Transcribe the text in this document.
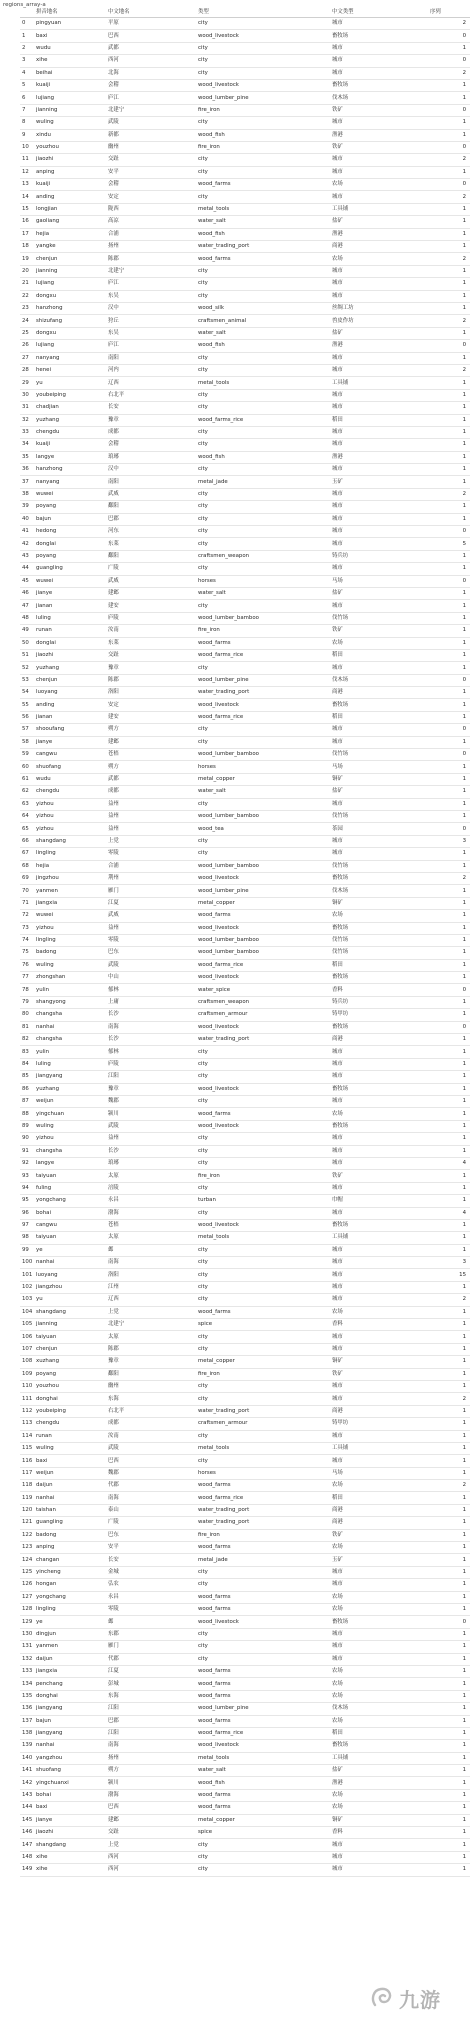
regions_array-a
	拼音地名	中文地名	类型	中文类型	序列
0	pingyuan	平原	city	城市	2
1	baxi	巴西	wood_livestock	畜牧场	0
2	wudu	武都	city	城市	1
3	xihe	西河	city	城市	0
4	beihai	北海	city	城市	2
5	kuaiji	会稽	wood_livestock	畜牧场	1
6	lujiang	庐江	wood_lumber_pine	伐木场	1
7	jianning	北建宁	fire_iron	铁矿	0
8	wuling	武陵	city	城市	1
9	xindu	新都	wood_fish	渔港	1
10	youzhou	幽州	fire_iron	铁矿	0
11	jiaozhi	交趾	city	城市	2
12	anping	安平	city	城市	1
13	kuaiji	会稽	wood_farms	农场	0
14	anding	安定	city	城市	2
15	longjian	陇西	metal_tools	工具铺	1
16	gaoliang	高凉	water_salt	盐矿	1
17	hejia	合浦	wood_fish	渔港	1
18	yangke	扬州	water_trading_port	商港	1
19	chenjun	陈郡	wood_farms	农场	2
20	jianning	北建宁	city	城市	1
21	lujiang	庐江	city	城市	1
22	dongxu	东吴	city	城市	1
23	hanzhong	汉中	wood_silk	丝绸工坊	1
24	shizufang	狩丘	craftsmen_animal	兽皮作坊	2
25	dongxu	东吴	water_salt	盐矿	1
26	lujiang	庐江	wood_fish	渔港	0
27	nanyang	南阳	city	城市	1
28	henei	河内	city	城市	2
29	yu	辽西	metal_tools	工具铺	1
30	youbeiping	右北平	city	城市	1
31	chadjian	长安	city	城市	1
32	yuzhang	豫章	wood_farms_rice	稻田	1
33	chengdu	成都	city	城市	1
34	kuaiji	会稽	city	城市	1
35	langye	琅琊	wood_fish	渔港	1
36	hanzhong	汉中	city	城市	1
37	nanyang	南阳	metal_jade	玉矿	1
38	wuwei	武威	city	城市	2
39	poyang	鄱阳	city	城市	1
40	bajun	巴郡	city	城市	1
41	hedong	河东	city	城市	0
42	donglai	东莱	city	城市	5
43	poyang	鄱阳	craftsmen_weapon	铸兵坊	1
44	guangling	广陵	city	城市	1
45	wuwei	武威	horses	马场	0
46	jianye	建邺	water_salt	盐矿	1
47	jianan	建安	city	城市	1
48	luling	庐陵	wood_lumber_bamboo	伐竹场	1
49	runan	汝南	fire_iron	铁矿	1
50	donglai	东莱	wood_farms	农场	1
51	jiaozhi	交趾	wood_farms_rice	稻田	1
52	yuzhang	豫章	city	城市	1
53	chenjun	陈郡	wood_lumber_pine	伐木场	0
54	luoyang	洛阳	water_trading_port	商港	1
55	anding	安定	wood_livestock	畜牧场	1
56	jianan	建安	wood_farms_rice	稻田	1
57	shooufang	朔方	city	城市	0
58	jianye	建邺	city	城市	1
59	cangwu	苍梧	wood_lumber_bamboo	伐竹场	0
60	shuofang	朔方	horses	马场	1
61	wudu	武都	metal_copper	铜矿	1
62	chengdu	成都	water_salt	盐矿	1
63	yizhou	益州	city	城市	1
64	yizhou	益州	wood_lumber_bamboo	伐竹场	1
65	yizhou	益州	wood_tea	茶园	0
66	shangdang	上党	city	城市	3
67	lingling	零陵	city	城市	1
68	hejia	合浦	wood_lumber_bamboo	伐竹场	1
69	jingzhou	荆州	wood_livestock	畜牧场	2
70	yanmen	雁门	wood_lumber_pine	伐木场	1
71	jiangxia	江夏	metal_copper	铜矿	1
72	wuwei	武威	wood_farms	农场	1
73	yizhou	益州	wood_livestock	畜牧场	1
74	lingling	零陵	wood_lumber_bamboo	伐竹场	1
75	badong	巴东	wood_lumber_bamboo	伐竹场	1
76	wuling	武陵	wood_farms_rice	稻田	1
77	zhongshan	中山	wood_livestock	畜牧场	1
78	yulin	郁林	water_spice	香料	0
79	shangyong	上庸	craftsmen_weapon	铸兵坊	1
80	changsha	长沙	craftsmen_armour	铸甲坊	1
81	nanhai	南海	wood_livestock	畜牧场	0
82	changsha	长沙	water_trading_port	商港	1
83	yulin	郁林	city	城市	1
84	luling	庐陵	city	城市	1
85	jiangyang	江阳	city	城市	1
86	yuzhang	豫章	wood_livestock	畜牧场	1
87	weijun	魏郡	city	城市	1
88	yingchuan	颍川	wood_farms	农场	1
89	wuling	武陵	wood_livestock	畜牧场	1
90	yizhou	益州	city	城市	1
91	changsha	长沙	city	城市	1
92	langye	琅琊	city	城市	4
93	taiyuan	太原	fire_iron	铁矿	1
94	fuling	涪陵	city	城市	1
95	yongchang	永昌	turban	巾帽	1
96	bohai	渤海	city	城市	4
97	cangwu	苍梧	wood_livestock	畜牧场	1
98	taiyuan	太原	metal_tools	工具铺	1
99	ye	邺	city	城市	1
100	nanhai	南海	city	城市	3
101	luoyang	洛阳	city	城市	15
102	jiangzhou	江州	city	城市	1
103	yu	辽西	city	城市	2
104	shangdang	上党	wood_farms	农场	1
105	jianning	北建宁	spice	香料	1
106	taiyuan	太原	city	城市	1
107	chenjun	陈郡	city	城市	1
108	xuzhang	豫章	metal_copper	铜矿	1
109	poyang	鄱阳	fire_iron	铁矿	1
110	youzhou	幽州	city	城市	1
111	donghai	东海	city	城市	2
112	youbeiping	右北平	water_trading_port	商港	1
113	chengdu	成都	craftsmen_armour	铸甲坊	1
114	runan	汝南	city	城市	1
115	wuling	武陵	metal_tools	工具铺	1
116	baxi	巴西	city	城市	1
117	weijun	魏郡	horses	马场	1
118	daijun	代郡	wood_farms	农场	2
119	nanhai	南海	wood_farms_rice	稻田	1
120	taishan	泰山	water_trading_port	商港	1
121	guangling	广陵	water_trading_port	商港	1
122	badong	巴东	fire_iron	铁矿	1
123	anping	安平	wood_farms	农场	1
124	changan	长安	metal_jade	玉矿	1
125	yincheng	金城	city	城市	1
126	hongan	弘农	city	城市	1
127	yongchang	永昌	wood_farms	农场	1
128	lingling	零陵	wood_farms	农场	1
129	ye	邺	wood_livestock	畜牧场	0
130	dingjun	东郡	city	城市	1
131	yanmen	雁门	city	城市	1
132	daijun	代郡	city	城市	1
133	jiangxia	江夏	wood_farms	农场	1
134	penchang	彭城	wood_farms	农场	1
135	donghai	东海	wood_farms	农场	1
136	jiangyang	江阳	wood_lumber_pine	伐木场	1
137	bajun	巴郡	wood_farms	农场	1
138	jiangyang	江阳	wood_farms_rice	稻田	1
139	nanhai	南海	wood_livestock	畜牧场	1
140	yangzhou	扬州	metal_tools	工具铺	1
141	shuofang	朔方	water_salt	盐矿	1
142	yingchuanxi	颍川	wood_fish	渔港	1
143	bohai	渤海	wood_farms	农场	1
144	baxi	巴西	wood_farms	农场	1
145	jianye	建邺	metal_copper	铜矿	1
146	jiaozhi	交趾	spice	香料	1
147	shangdang	上党	city	城市	1
148	xihe	西河	city	城市	1
149	xihe	西河	city	城市	1
九游
